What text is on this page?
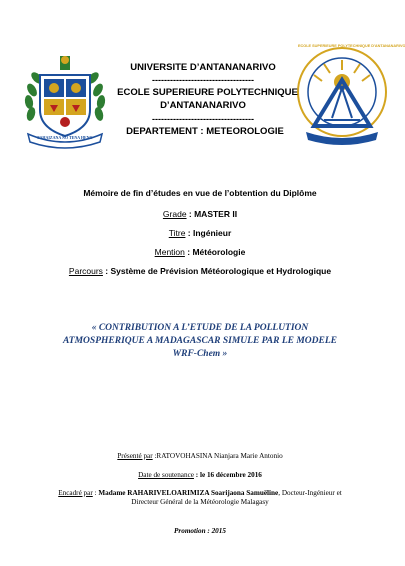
FAHAIZANA NO TENA HENO
ECOLE SUPERIEURE POLYTECHNIQUE D'ANTANANARIVO
UNIVERSITE D’ANTANANARIVO
----------------------------------
ECOLE SUPERIEURE POLYTECHNIQUE
D’ANTANANARIVO
----------------------------------
DEPARTEMENT : METEOROLOGIE
Mémoire de fin d’études en vue de l’obtention du Diplôme
Grade : MASTER II
Titre : Ingénieur
Mention : Météorologie
Parcours : Système de Prévision Météorologique et Hydrologique
« CONTRIBUTION A L’ETUDE DE LA POLLUTION
ATMOSPHERIQUE A MADAGASCAR SIMULE PAR LE MODELE
WRF-Chem »
Présenté par :RATOVOHASINA Nianjara Marie Antonio
Date de soutenance : le 16 décembre 2016
Encadré par : Madame RAHARIVELOARIMIZA Soarijaona Samuëline, Docteur-Ingénieur et
Directeur Général de la Météorologie Malagasy
Promotion : 2015
